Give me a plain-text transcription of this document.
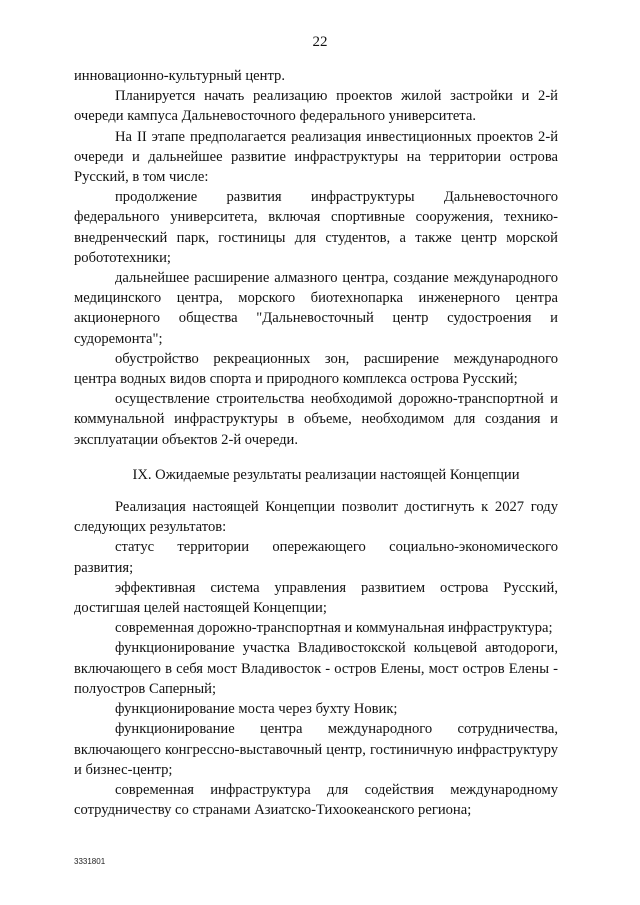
22

инновационно-культурный центр.

Планируется начать реализацию проектов жилой застройки и 2-й очереди кампуса Дальневосточного федерального университета.

На II этапе предполагается реализация инвестиционных проектов 2-й очереди и дальнейшее развитие инфраструктуры на территории острова Русский, в том числе:

продолжение развития инфраструктуры Дальневосточного федерального университета, включая спортивные сооружения, технико-внедренческий парк, гостиницы для студентов, а также центр морской робототехники;

дальнейшее расширение алмазного центра, создание международного медицинского центра, морского биотехнопарка инженерного центра акционерного общества "Дальневосточный центр судостроения и судоремонта";

обустройство рекреационных зон, расширение международного центра водных видов спорта и природного комплекса острова Русский;

осуществление строительства необходимой дорожно-транспортной и коммунальной инфраструктуры в объеме, необходимом для создания и эксплуатации объектов 2-й очереди.

IX. Ожидаемые результаты реализации настоящей Концепции

Реализация настоящей Концепции позволит достигнуть к 2027 году следующих результатов:

статус территории опережающего социально-экономического развития;

эффективная система управления развитием острова Русский, достигшая целей настоящей Концепции;

современная дорожно-транспортная и коммунальная инфраструктура;

функционирование участка Владивостокской кольцевой автодороги, включающего в себя мост Владивосток - остров Елены, мост остров Елены - полуостров Саперный;

функционирование моста через бухту Новик;

функционирование центра международного сотрудничества, включающего конгрессно-выставочный центр, гостиничную инфраструктуру и бизнес-центр;

современная инфраструктура для содействия международному сотрудничеству со странами Азиатско-Тихоокеанского региона;

3331801
